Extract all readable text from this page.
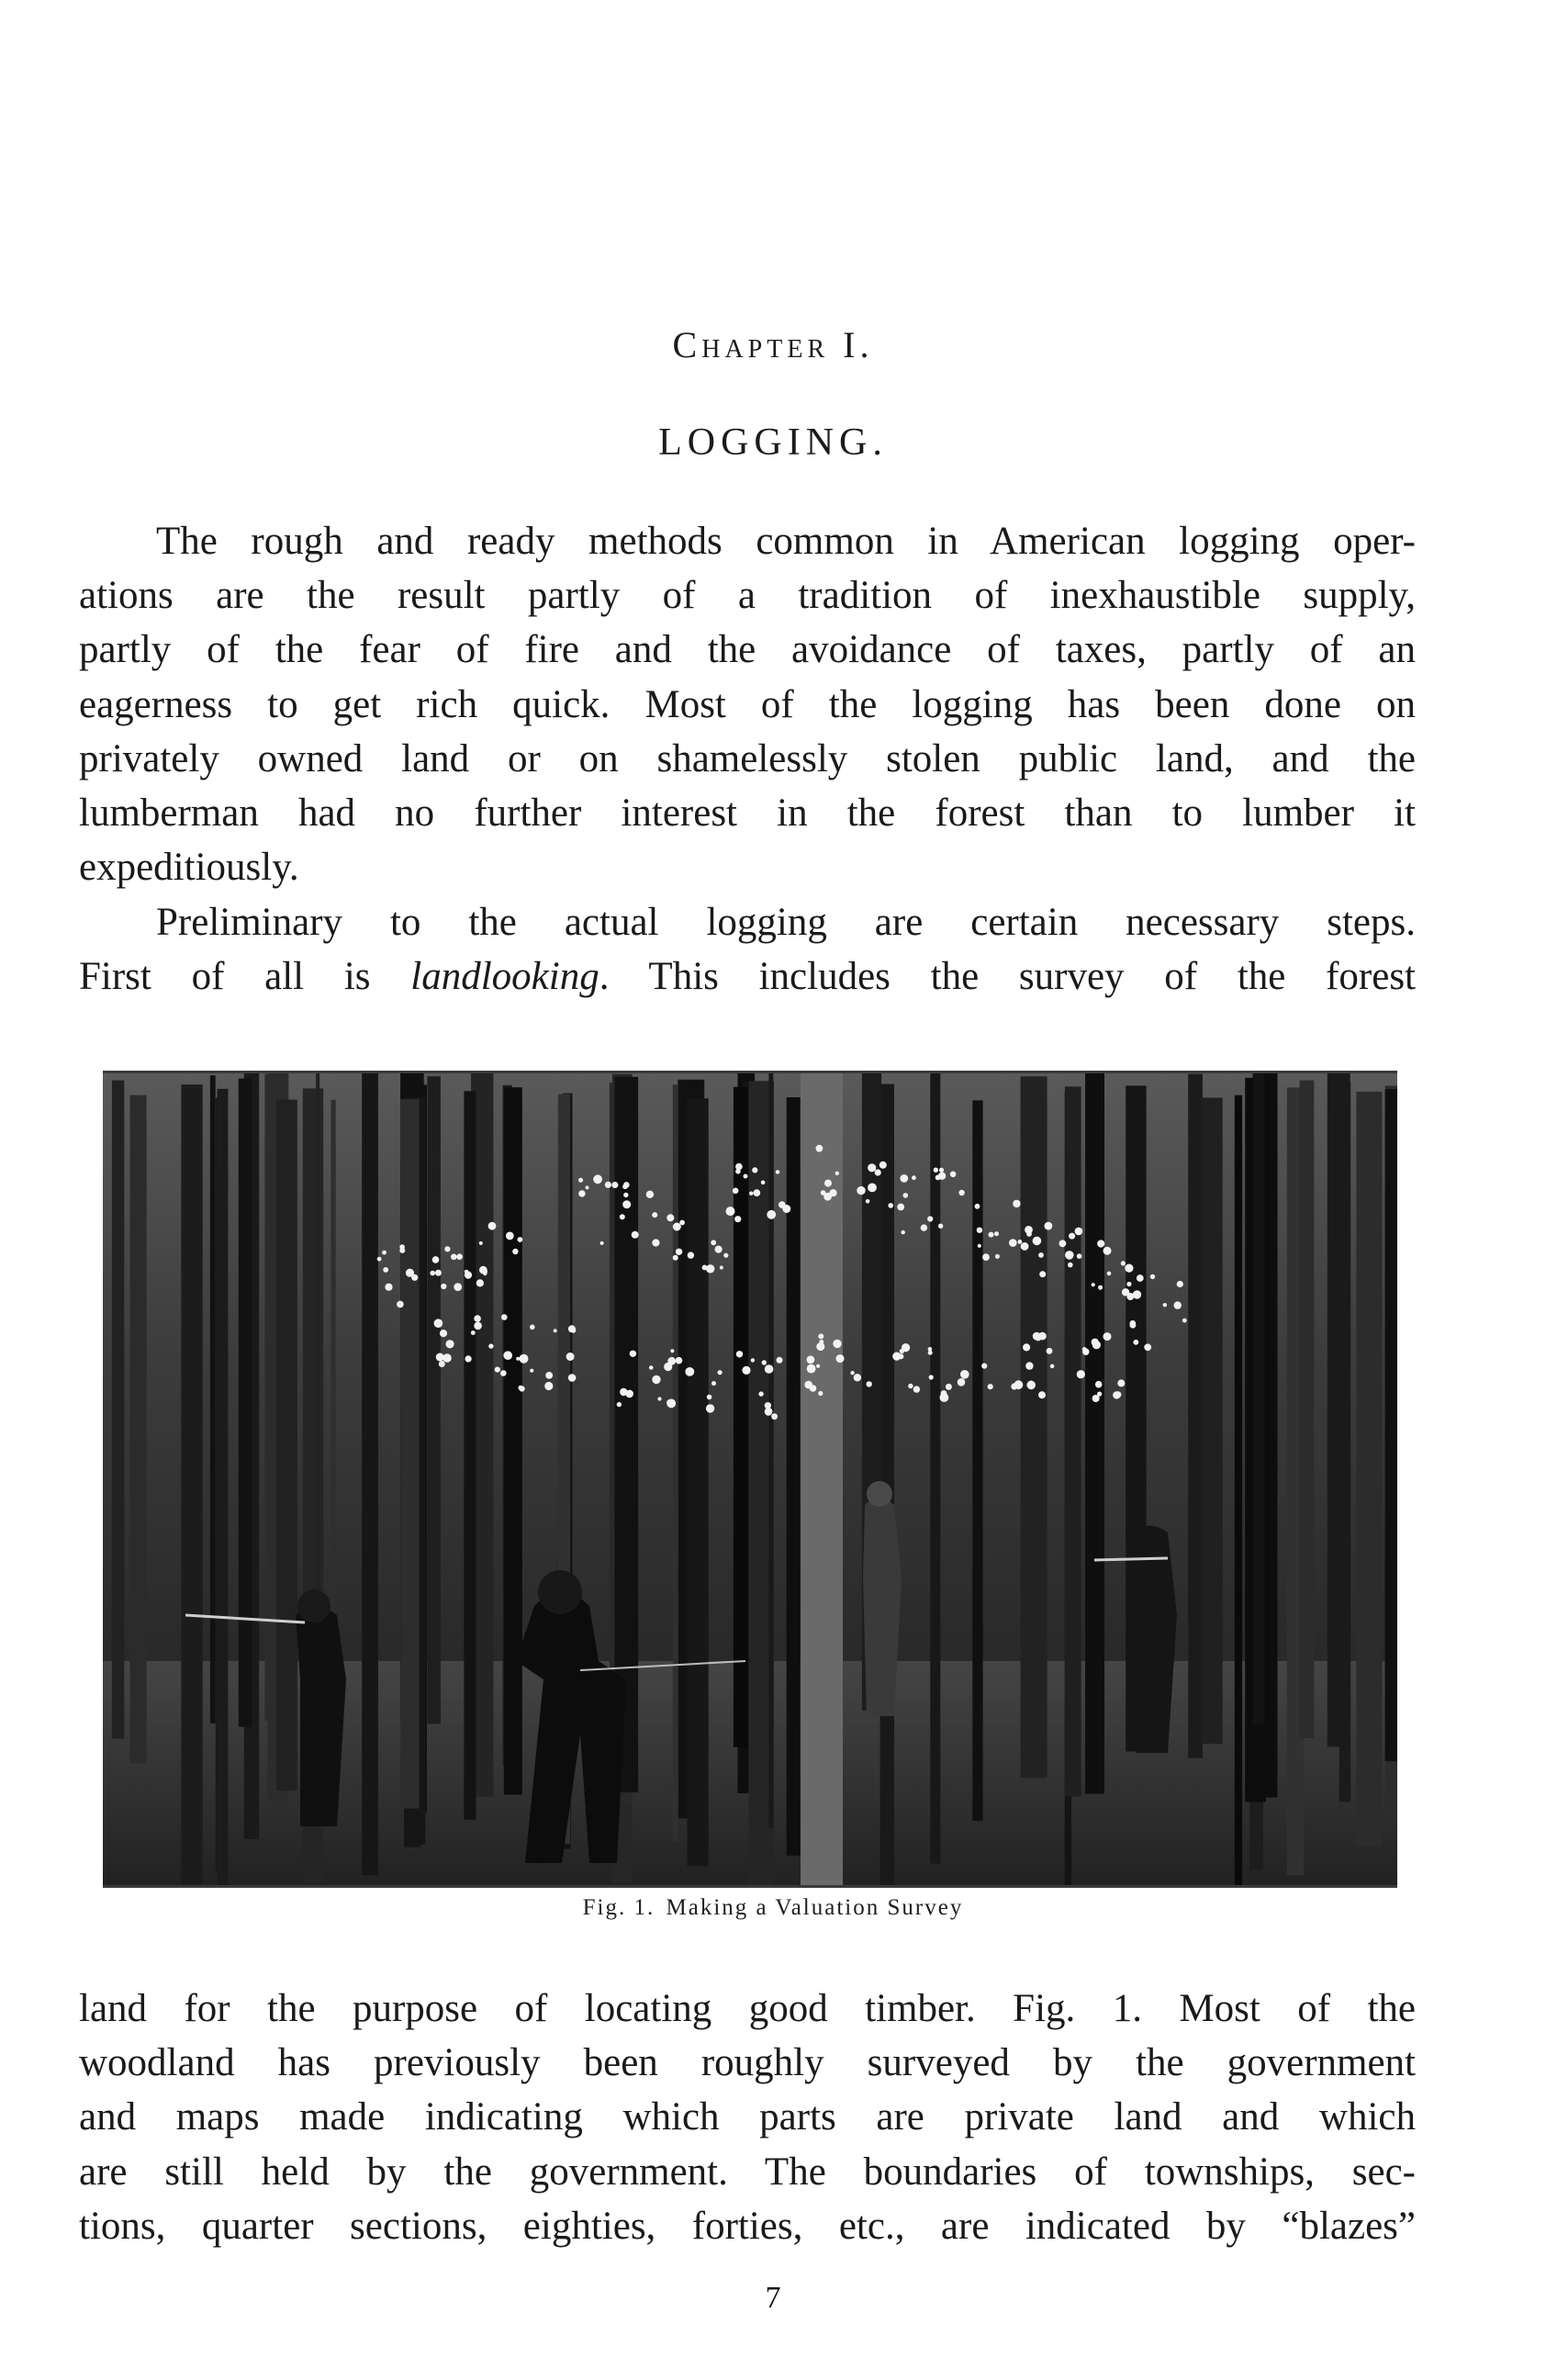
Chapter I.
LOGGING.
The rough and ready methods common in American logging oper-
ations are the result partly of a tradition of inexhaustible supply,
partly of the fear of fire and the avoidance of taxes, partly of an
eagerness to get rich quick. Most of the logging has been done on
privately owned land or on shamelessly stolen public land, and the
lumberman had no further interest in the forest than to lumber it
expeditiously.
Preliminary to the actual logging are certain necessary steps.
First of all is landlooking. This includes the survey of the forest
Fig. 1. Making a Valuation Survey
land for the purpose of locating good timber. Fig. 1. Most of the
woodland has previously been roughly surveyed by the government
and maps made indicating which parts are private land and which
are still held by the government. The boundaries of townships, sec-
tions, quarter sections, eighties, forties, etc., are indicated by “blazes”
7
